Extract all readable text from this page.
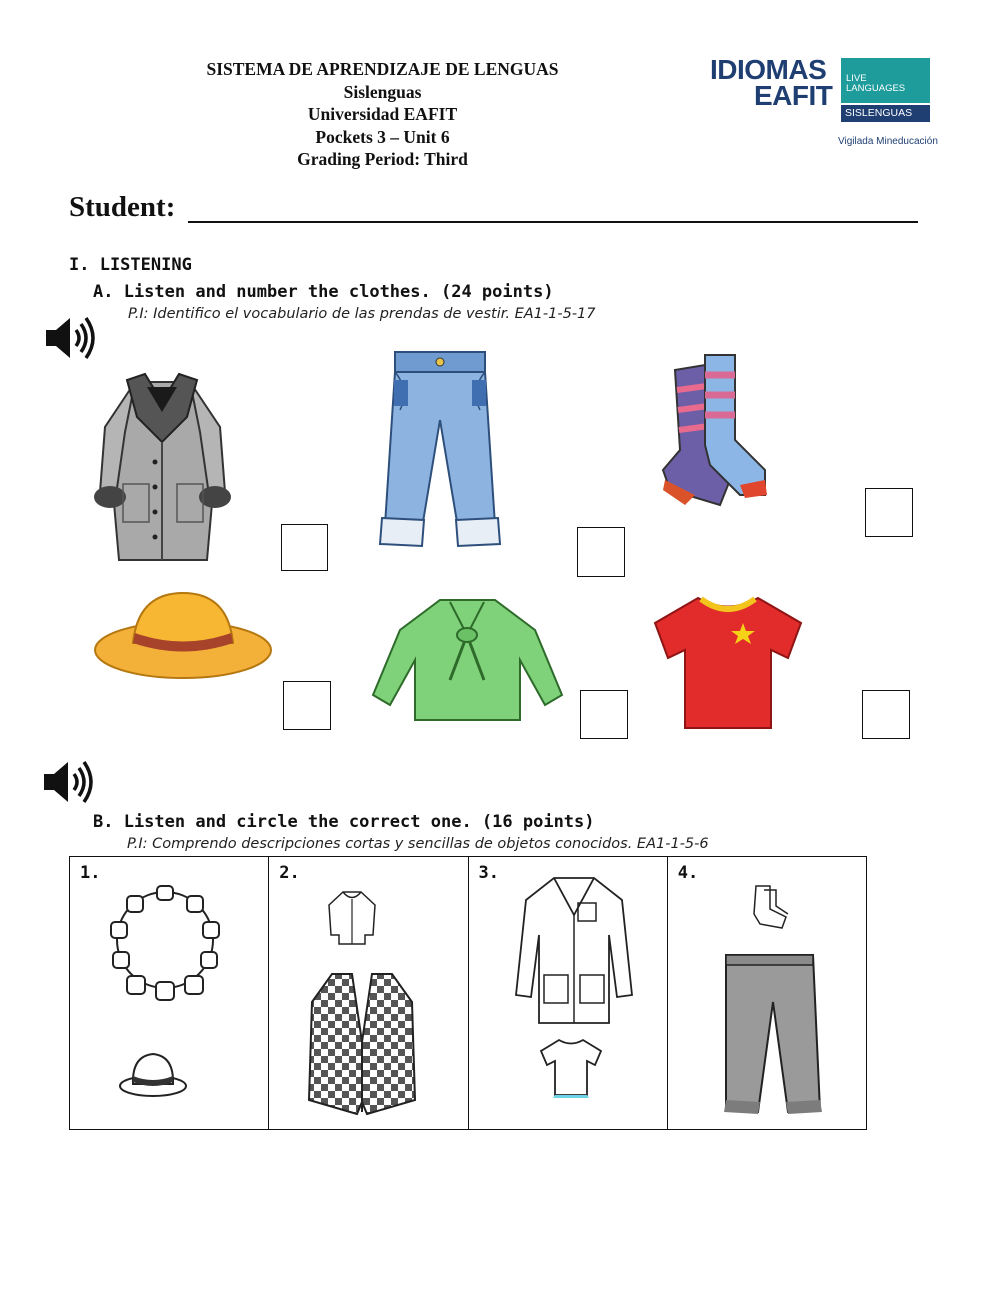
SISTEMA DE APRENDIZAJE DE LENGUAS
Sislenguas
Universidad EAFIT
Pockets 3 – Unit 6
Grading Period: Third
IDIOMAS
EAFIT
LIVE
LANGUAGES
SISLENGUAS
Vigilada Mineducación
Student:
I. LISTENING
A. Listen and number the clothes. (24 points)
P.I: Identifico el vocabulario de las prendas de vestir. EA1-1-5-17
B. Listen and circle the correct one. (16 points)
P.I: Comprendo descripciones cortas y sencillas de objetos conocidos. EA1-1-5-6
1.	2.	3.	4.
